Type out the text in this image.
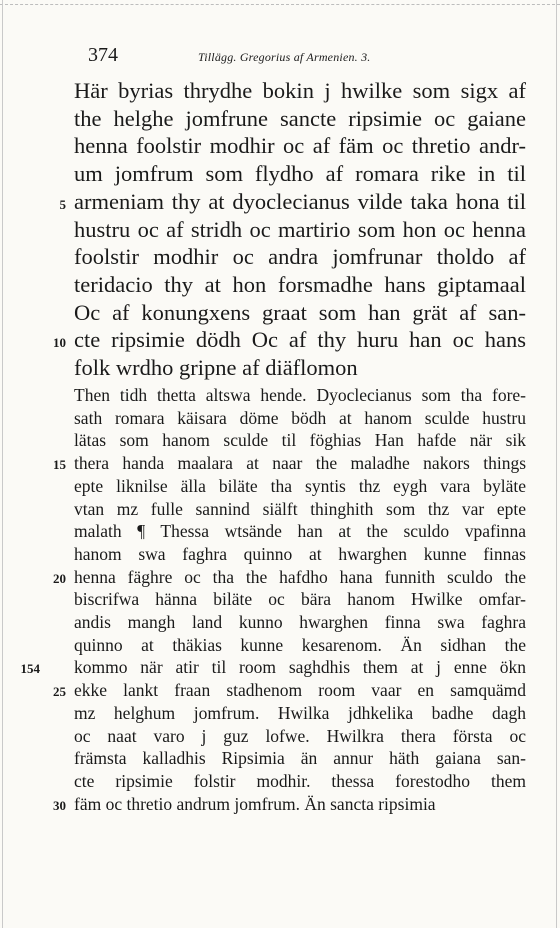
374	Tillägg. Gregorius af Armenien. 3.
Här byrias thrydhe bokin j hwilke som sigx af
the helghe jomfrune sancte ripsimie oc gaiane
henna foolstir modhir oc af fäm oc thretio andr-
um jomfrum som flydho af romara rike in til
armeniam thy at dyoclecianus vilde taka hona til
hustru oc af stridh oc martirio som hon oc henna
foolstir modhir oc andra jomfrunar tholdo af
teridacio thy at hon forsmadhe hans giptamaal
Oc af konungxens graat som han grät af san-
cte ripsimie dödh Oc af thy huru han oc hans
folk wrdho gripne af diäflomon
Then tidh thetta altswa hende. Dyoclecianus som tha fore-
sath romara käisara döme bödh at hanom sculde hustru
lätas som hanom sculde til föghias Han hafde när sik
thera handa maalara at naar the maladhe nakors things
epte liknilse älla biläte tha syntis thz eygh vara byläte
vtan mz fulle sannind siälft thinghith som thz var epte
malath ¶ Thessa wtsände han at the sculdo vpafinna
hanom swa faghra quinno at hwarghen kunne finnas
henna fäghre oc tha the hafdho hana funnith sculdo the
biscrifwa hänna biläte oc bära hanom Hwilke omfar-
andis mangh land kunno hwarghen finna swa faghra
quinno at thäkias kunne kesarenom. Än sidhan the
kommo när atir til room saghdhis them at j enne ökn
ekke lankt fraan stadhenom room vaar en samquämd
mz helghum jomfrum. Hwilka jdhkelika badhe dagh
oc naat varo j guz lofwe. Hwilkra thera första oc
främsta kalladhis Ripsimia än annur häth gaiana san-
cte ripsimie folstir modhir. thessa forestodho them
fäm oc thretio andrum jomfrum. Än sancta ripsimia
5
10
15
20
154
25
30
